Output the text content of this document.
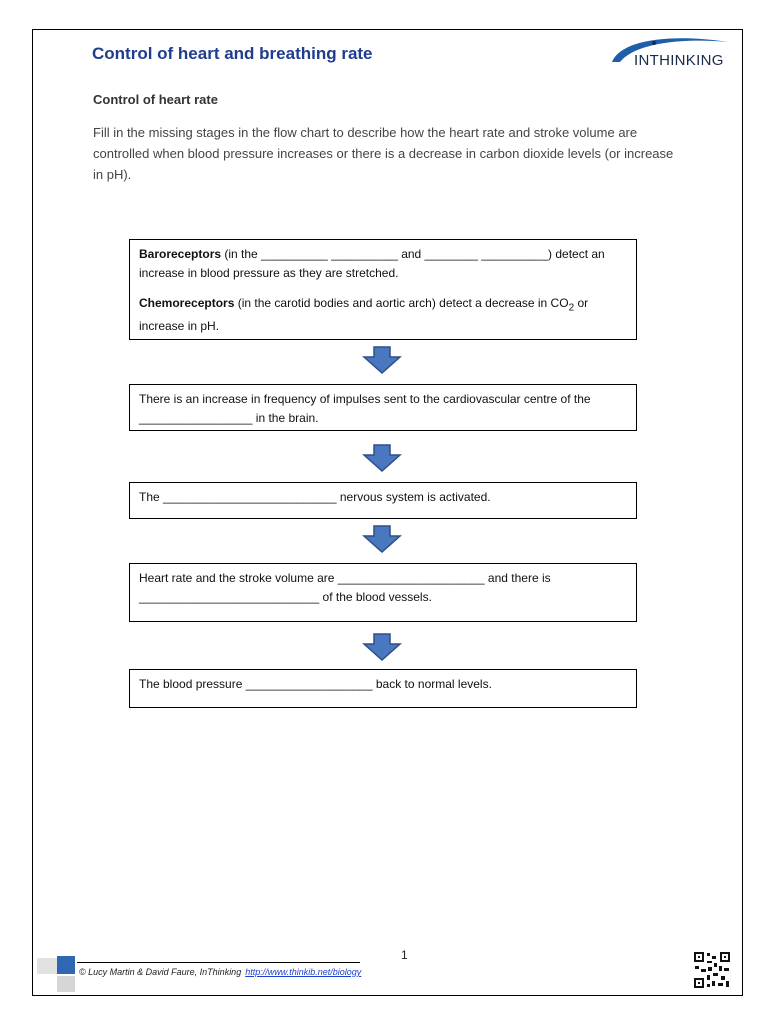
Control of heart and breathing rate	INTHINKING
Control of heart rate
Fill in the missing stages in the flow chart to describe how the heart rate and stroke volume are controlled when blood pressure increases or there is a decrease in carbon dioxide levels (or increase in pH).

Baroreceptors (in the __________ __________ and ________ __________) detect an increase in blood pressure as they are stretched.

Chemoreceptors (in the carotid bodies and aortic arch) detect a decrease in $CO_2$ or increase in pH.

There is an increase in frequency of impulses sent to the cardiovascular centre of the _________________ in the brain.

The __________________________ nervous system is activated.

Heart rate and the stroke volume are ______________________ and there is ___________________________ of the blood vessels.

The blood pressure ___________________ back to normal levels.

1
© Lucy Martin & David Faure, InThinking http://www.thinkib.net/biology
